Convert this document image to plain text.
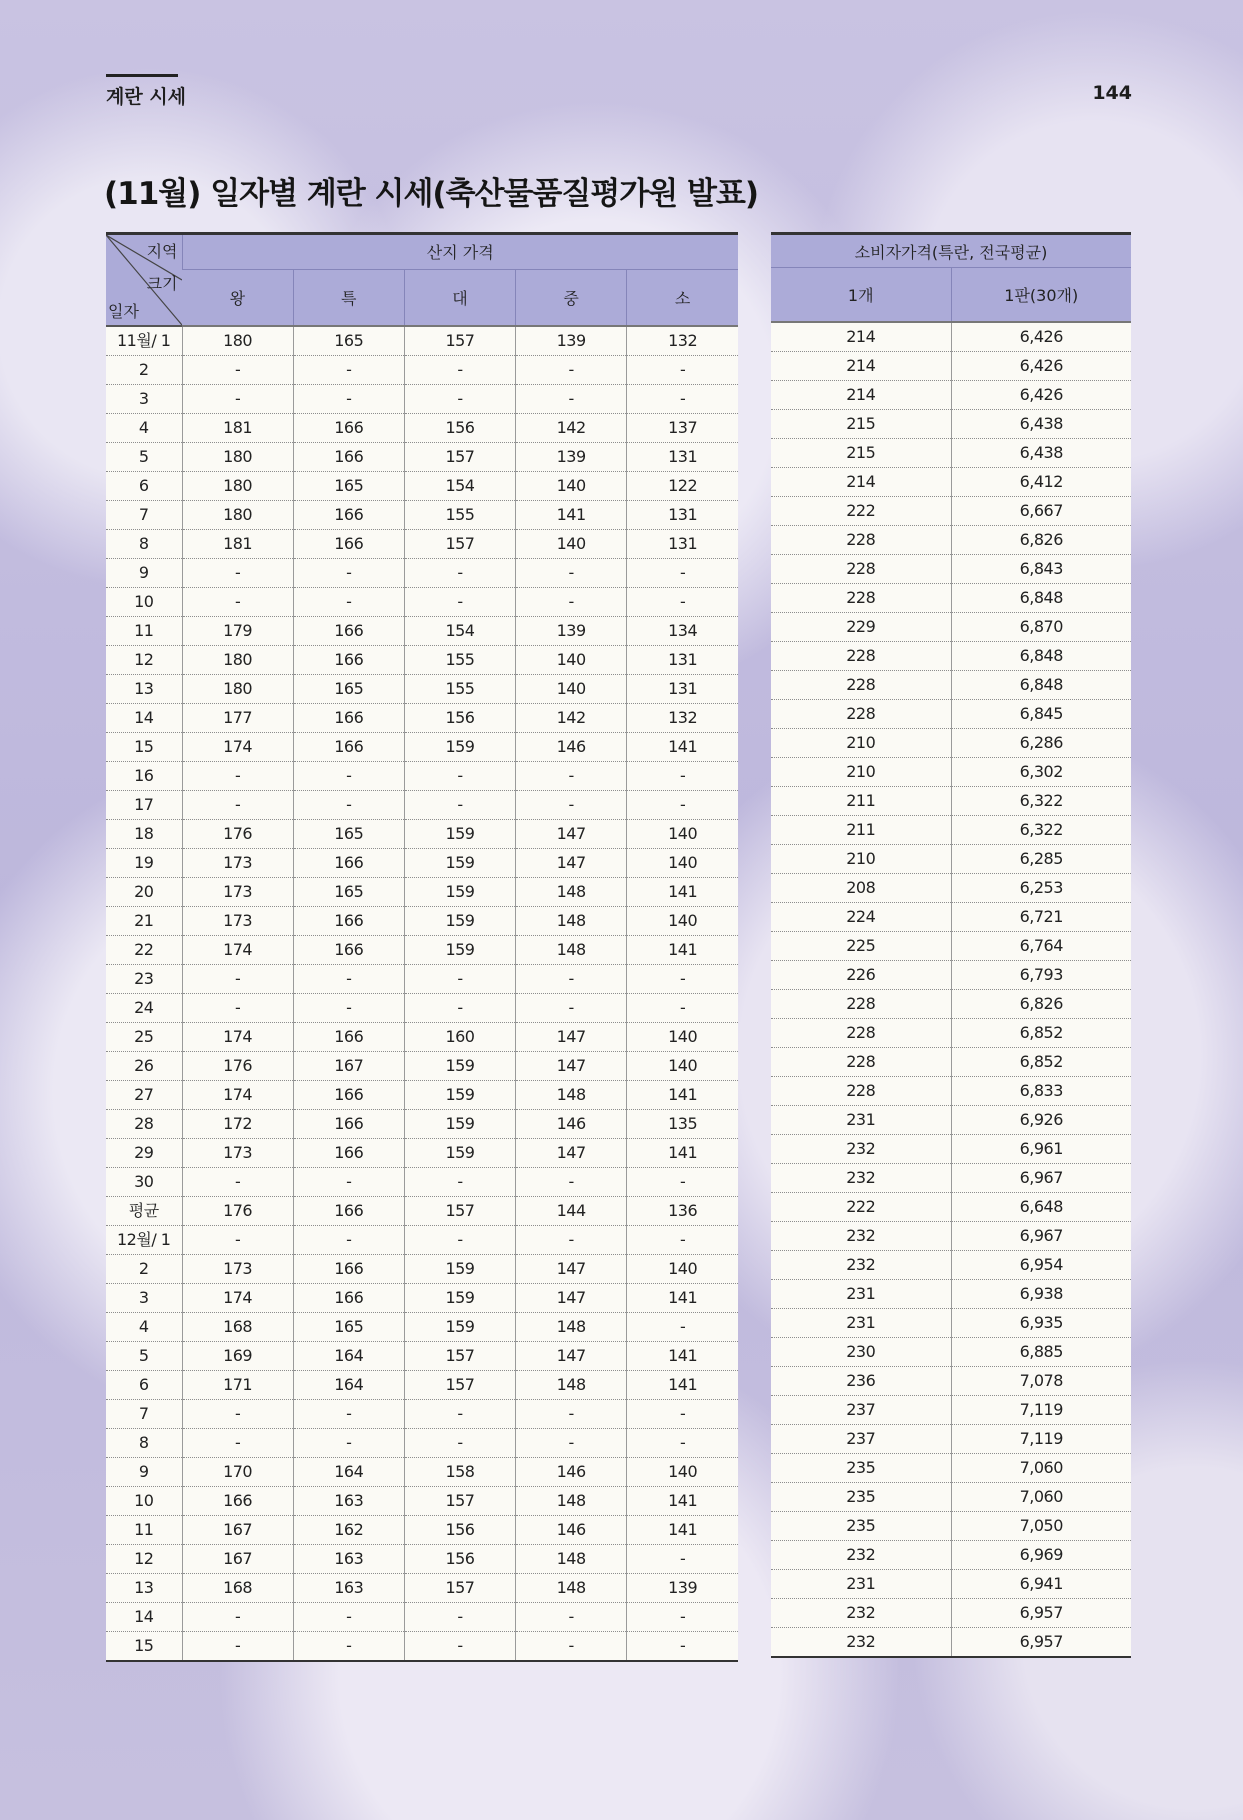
계란 시세	144
(11월) 일자별 계란 시세(축산물품질평가원 발표)
지역
크기
일자	산지 가격				
	왕	특	대	중	소
11월/ 1	180	165	157	139	132
2	-	-	-	-	-
3	-	-	-	-	-
4	181	166	156	142	137
5	180	166	157	139	131
6	180	165	154	140	122
7	180	166	155	141	131
8	181	166	157	140	131
9	-	-	-	-	-
10	-	-	-	-	-
11	179	166	154	139	134
12	180	166	155	140	131
13	180	165	155	140	131
14	177	166	156	142	132
15	174	166	159	146	141
16	-	-	-	-	-
17	-	-	-	-	-
18	176	165	159	147	140
19	173	166	159	147	140
20	173	165	159	148	141
21	173	166	159	148	140
22	174	166	159	148	141
23	-	-	-	-	-
24	-	-	-	-	-
25	174	166	160	147	140
26	176	167	159	147	140
27	174	166	159	148	141
28	172	166	159	146	135
29	173	166	159	147	141
30	-	-	-	-	-
평균	176	166	157	144	136
12월/ 1	-	-	-	-	-
2	173	166	159	147	140
3	174	166	159	147	141
4	168	165	159	148	-
5	169	164	157	147	141
6	171	164	157	148	141
7	-	-	-	-	-
8	-	-	-	-	-
9	170	164	158	146	140
10	166	163	157	148	141
11	167	162	156	146	141
12	167	163	156	148	-
13	168	163	157	148	139
14	-	-	-	-	-
15	-	-	-	-	-
소비자가격(특란, 전국평균)	
1개	1판(30개)
214	6,426
214	6,426
214	6,426
215	6,438
215	6,438
214	6,412
222	6,667
228	6,826
228	6,843
228	6,848
229	6,870
228	6,848
228	6,848
228	6,845
210	6,286
210	6,302
211	6,322
211	6,322
210	6,285
208	6,253
224	6,721
225	6,764
226	6,793
228	6,826
228	6,852
228	6,852
228	6,833
231	6,926
232	6,961
232	6,967
222	6,648
232	6,967
232	6,954
231	6,938
231	6,935
230	6,885
236	7,078
237	7,119
237	7,119
235	7,060
235	7,060
235	7,050
232	6,969
231	6,941
232	6,957
232	6,957
